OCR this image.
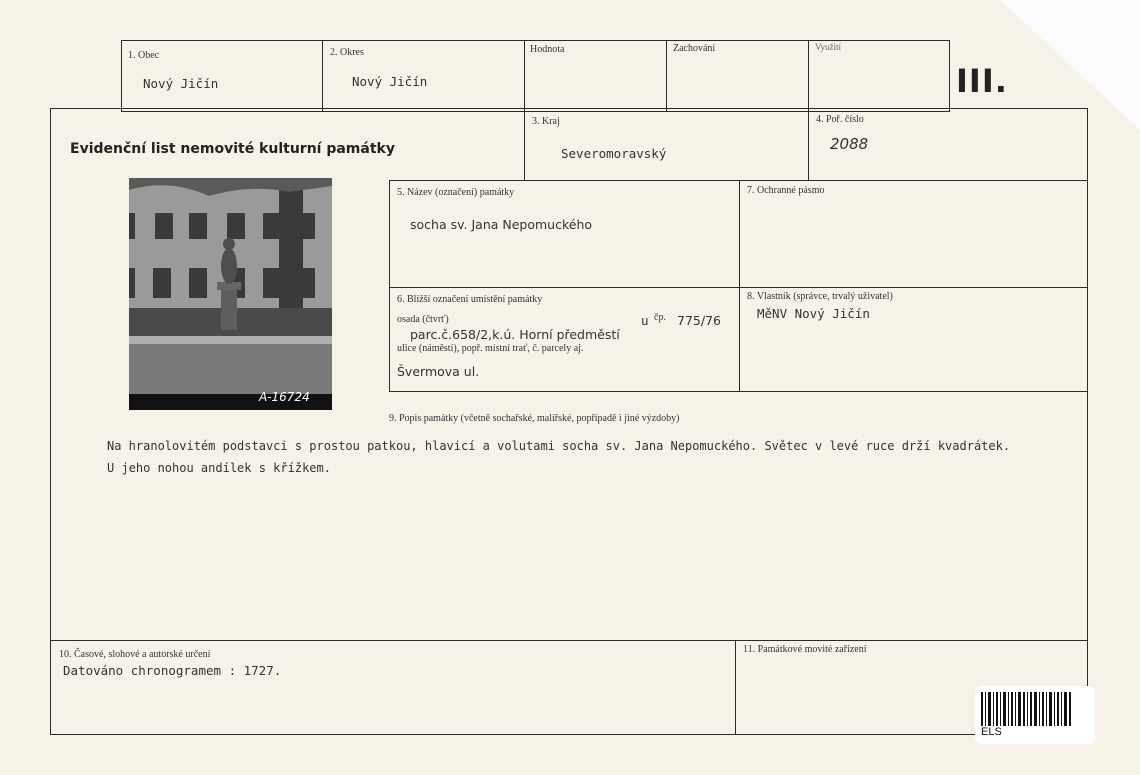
1. Obec
Nový Jičín
2. Okres
Nový Jičín
Hodnota	Zachování	Využití
III.
3. Kraj
Severomoravský
4. Poř. číslo
2088
Evidenční list nemovité kulturní památky
A-16724
5. Název (označení) památky
socha sv. Jana Nepomuckého
7. Ochranné pásmo
6. Bližší označení umístění památky
osada (čtvrť)
parc.č.658/2,k.ú. Horní předměstí
u čp. 775/76
ulice (náměstí), popř. místní trať, č. parcely aj.
Švermova ul.
8. Vlastník (správce, trvalý uživatel)
MěNV Nový Jičín
9. Popis památky (včetně sochařské, malířské, popřípadě i jiné výzdoby)
Na hranolovitém podstavci s prostou patkou, hlavicí a volutami socha sv. Jana Nepomuckého. Světec v levé ruce drží kvadrátek.
U jeho nohou andílek s křížkem.
10. Časové, slohové a autorské určení
Datováno chronogramem : 1727.
11. Památkové movité zařízení
ELS
